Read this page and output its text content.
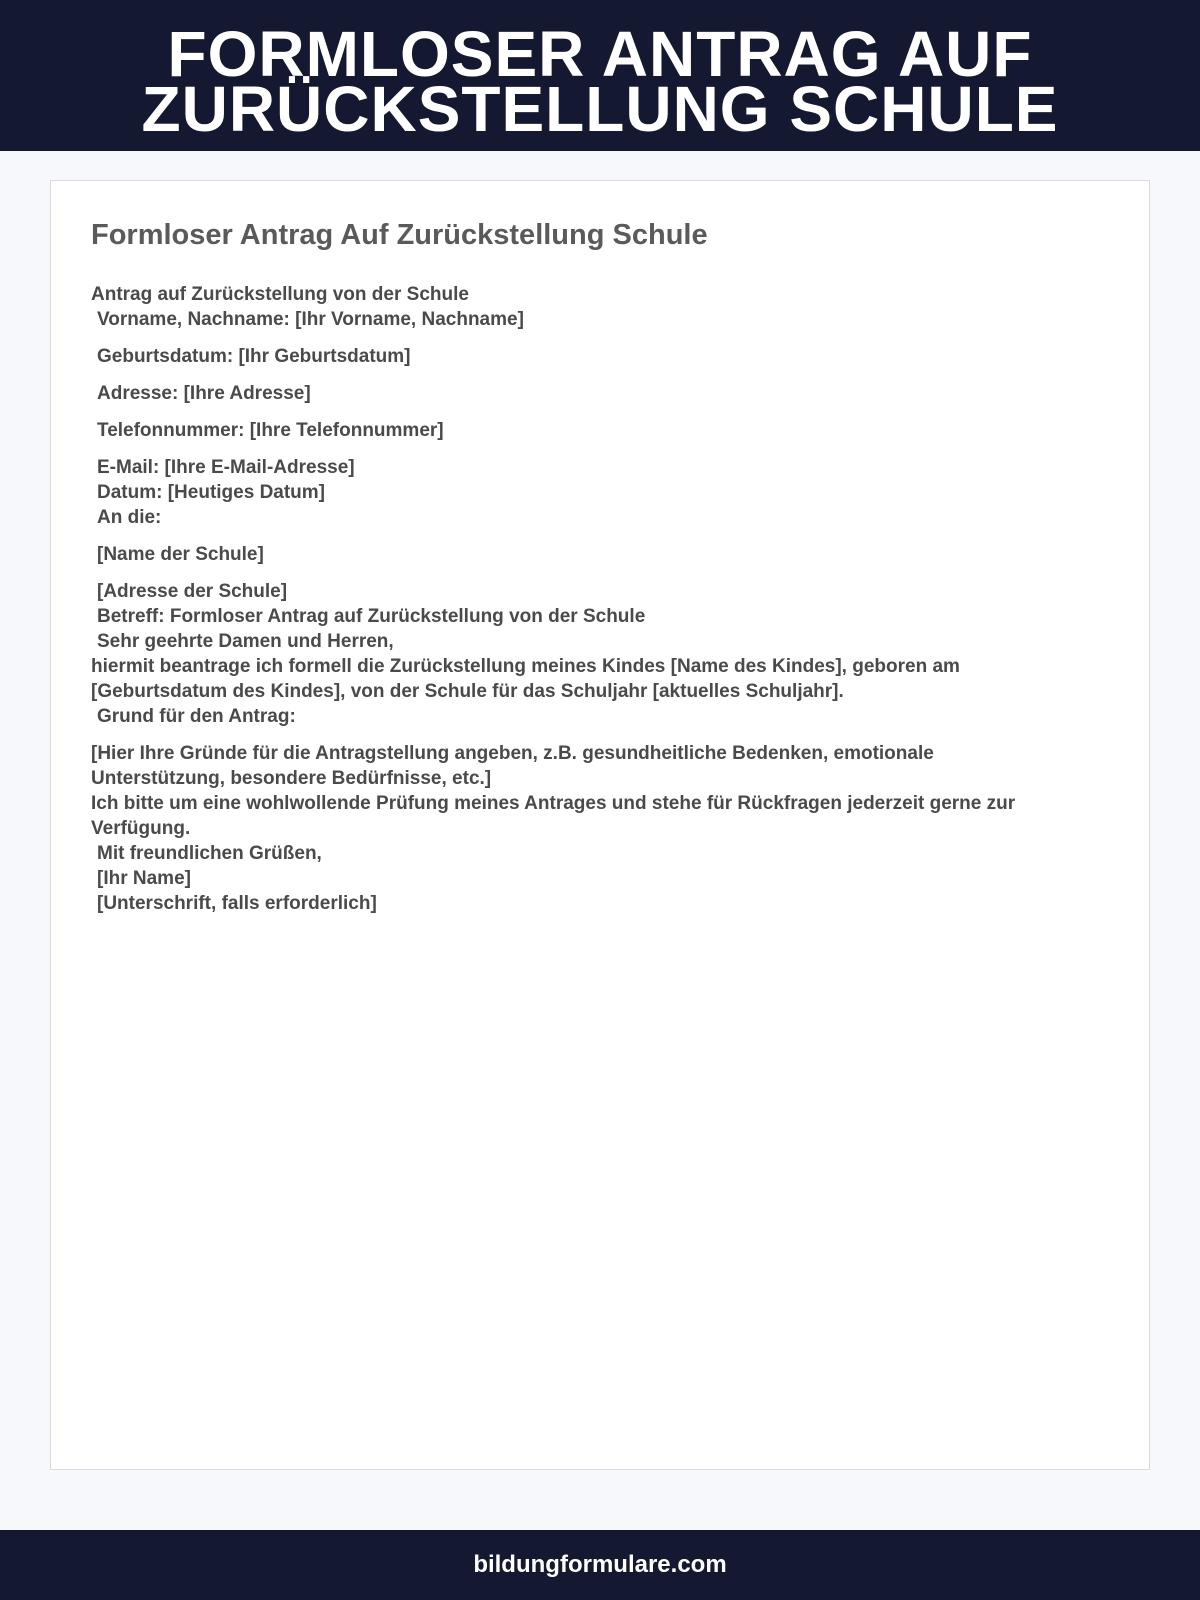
FORMLOSER ANTRAG AUF
ZURÜCKSTELLUNG SCHULE
Formloser Antrag Auf Zurückstellung Schule
Antrag auf Zurückstellung von der Schule
Vorname, Nachname: [Ihr Vorname, Nachname]
Geburtsdatum: [Ihr Geburtsdatum]
Adresse: [Ihre Adresse]
Telefonnummer: [Ihre Telefonnummer]
E-Mail: [Ihre E-Mail-Adresse]
Datum: [Heutiges Datum]
An die:
[Name der Schule]
[Adresse der Schule]
Betreff: Formloser Antrag auf Zurückstellung von der Schule
Sehr geehrte Damen und Herren,
hiermit beantrage ich formell die Zurückstellung meines Kindes [Name des Kindes], geboren am
[Geburtsdatum des Kindes], von der Schule für das Schuljahr [aktuelles Schuljahr].
Grund für den Antrag:
[Hier Ihre Gründe für die Antragstellung angeben, z.B. gesundheitliche Bedenken, emotionale
Unterstützung, besondere Bedürfnisse, etc.]
Ich bitte um eine wohlwollende Prüfung meines Antrages und stehe für Rückfragen jederzeit gerne zur
Verfügung.
Mit freundlichen Grüßen,
[Ihr Name]
[Unterschrift, falls erforderlich]
bildungformulare.com
